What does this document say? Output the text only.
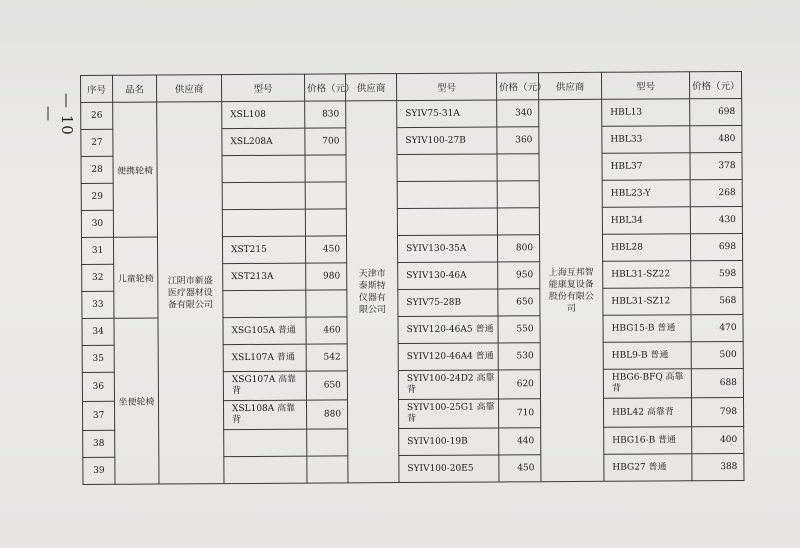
— 10 —
序号	品名	供应商	型号	价格（元）	供应商	型号	价格（元）	供应商	型号	价格（元）
26	便携轮椅	江阴市新盛医疗器材设备有限公司	XSL108	830	天津市泰斯特仪器有限公司	SYIV75-31A	340	上海互邦智能康复设备股份有限公司	HBL13	698
27			XSL208A	700		SYIV100-27B	360		HBL33	480
28									HBL37	378
29									HBL23-Y	268
30									HBL34	430
31	儿童轮椅		XST215	450		SYIV130-35A	800		HBL28	698
32			XST213A	980		SYIV130-46A	950		HBL31-SZ22	598
33						SYIV75-28B	650		HBL31-SZ12	568
34	坐便轮椅		XSG105A 普通	460		SYIV120-46A5 普通	550		HBG15-B 普通	470
35			XSL107A 普通	542		SYIV120-46A4 普通	530		HBL9-B 普通	500
36			XSG107A 高靠背	650		SYIV100-24D2 高靠背	620		HBG6-BFQ 高靠背	688
37			XSL108A 高靠背	880		SYIV100-25G1 高靠背	710		HBL42 高靠背	798
38						SYIV100-19B	440		HBG16-B 普通	400
39						SYIV100-20E5	450		HBG27 普通	388
